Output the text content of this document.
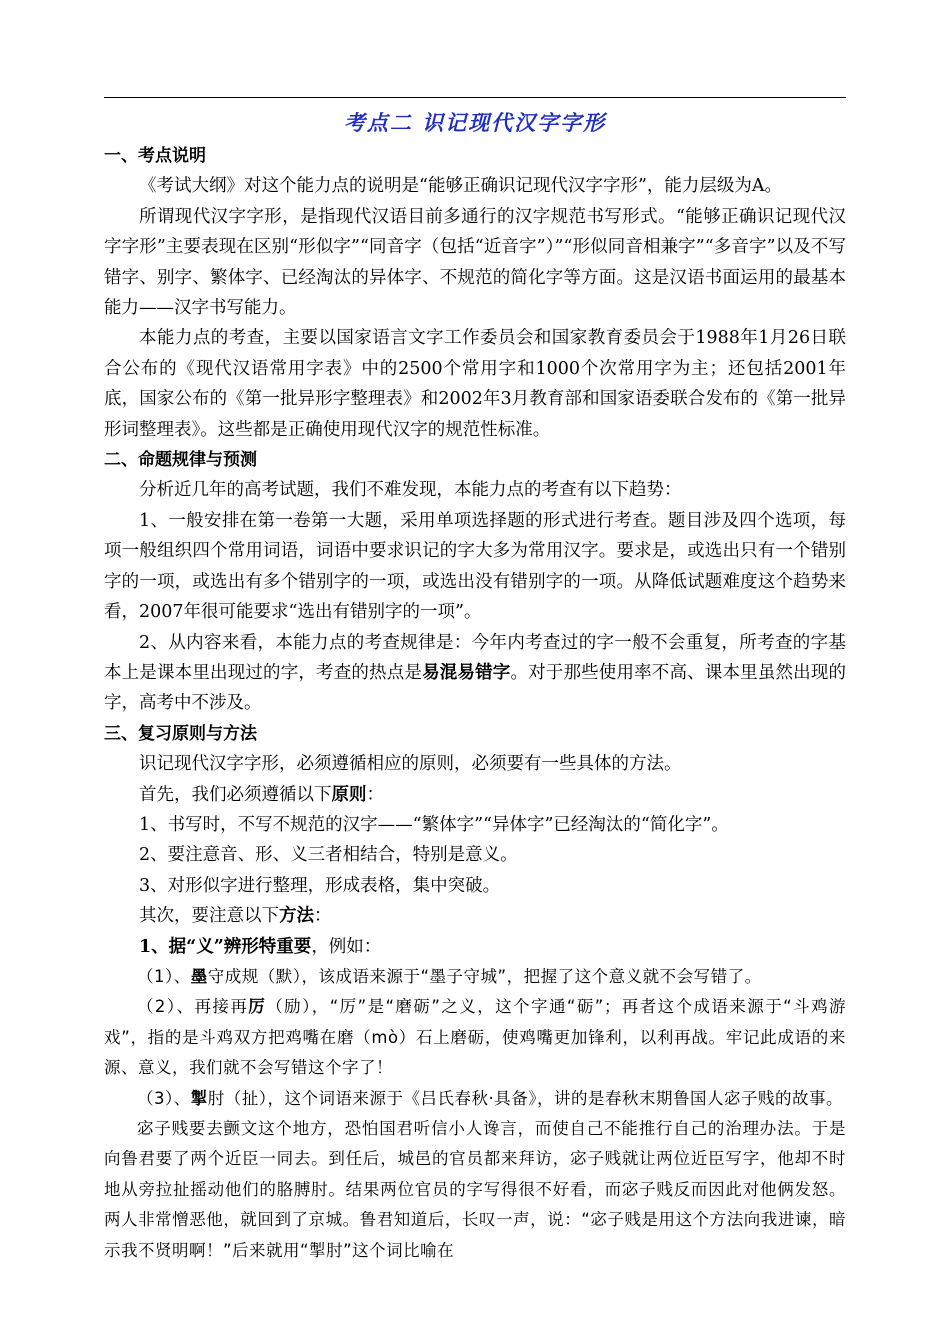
考点二 识记现代汉字字形
一、考点说明

《考试大纲》对这个能力点的说明是“能够正确识记现代汉字字形”，能力层级为A。

所谓现代汉字字形，是指现代汉语目前多通行的汉字规范书写形式。“能够正确识记现代汉字字形”主要表现在区别“形似字”“同音字（包括“近音字”）”“形似同音相兼字”“多音字”以及不写错字、别字、繁体字、已经淘汰的异体字、不规范的简化字等方面。这是汉语书面运用的最基本能力——汉字书写能力。

本能力点的考查，主要以国家语言文字工作委员会和国家教育委员会于1988年1月26日联合公布的《现代汉语常用字表》中的2500个常用字和1000个次常用字为主；还包括2001年底，国家公布的《第一批异形字整理表》和2002年3月教育部和国家语委联合发布的《第一批异形词整理表》。这些都是正确使用现代汉字的规范性标准。

二、命题规律与预测

分析近几年的高考试题，我们不难发现，本能力点的考查有以下趋势：

1、一般安排在第一卷第一大题，采用单项选择题的形式进行考查。题目涉及四个选项，每项一般组织四个常用词语，词语中要求识记的字大多为常用汉字。要求是，或选出只有一个错别字的一项，或选出有多个错别字的一项，或选出没有错别字的一项。从降低试题难度这个趋势来看，2007年很可能要求“选出有错别字的一项”。

2、从内容来看，本能力点的考查规律是：今年内考查过的字一般不会重复，所考查的字基本上是课本里出现过的字，考查的热点是易混易错字。对于那些使用率不高、课本里虽然出现的字，高考中不涉及。

三、复习原则与方法

识记现代汉字字形，必须遵循相应的原则，必须要有一些具体的方法。

首先，我们必须遵循以下原则：

1、书写时，不写不规范的汉字——“繁体字”“异体字”已经淘汰的“简化字”。

2、要注意音、形、义三者相结合，特别是意义。

3、对形似字进行整理，形成表格，集中突破。

其次，要注意以下方法：

1、据“义”辨形特重要，例如：

（1）、墨守成规（默），该成语来源于“墨子守城”，把握了这个意义就不会写错了。

（2）、再接再厉（励），“厉”是“磨砺”之义，这个字通“砺”；再者这个成语来源于“斗鸡游戏”，指的是斗鸡双方把鸡嘴在磨（mò）石上磨砺，使鸡嘴更加锋利，以利再战。牢记此成语的来源、意义，我们就不会写错这个字了！

（3）、掣肘（扯），这个词语来源于《吕氏春秋·具备》，讲的是春秋末期鲁国人宓子贱的故事。

宓子贱要去颤文这个地方，恐怕国君听信小人谗言，而使自己不能推行自己的治理办法。于是向鲁君要了两个近臣一同去。到任后，城邑的官员都来拜访，宓子贱就让两位近臣写字，他却不时地从旁拉扯摇动他们的胳膊肘。结果两位官员的字写得很不好看，而宓子贱反而因此对他俩发怒。两人非常憎恶他，就回到了京城。鲁君知道后，长叹一声，说：“宓子贱是用这个方法向我进谏，暗示我不贤明啊！”后来就用“掣肘”这个词比喻在
